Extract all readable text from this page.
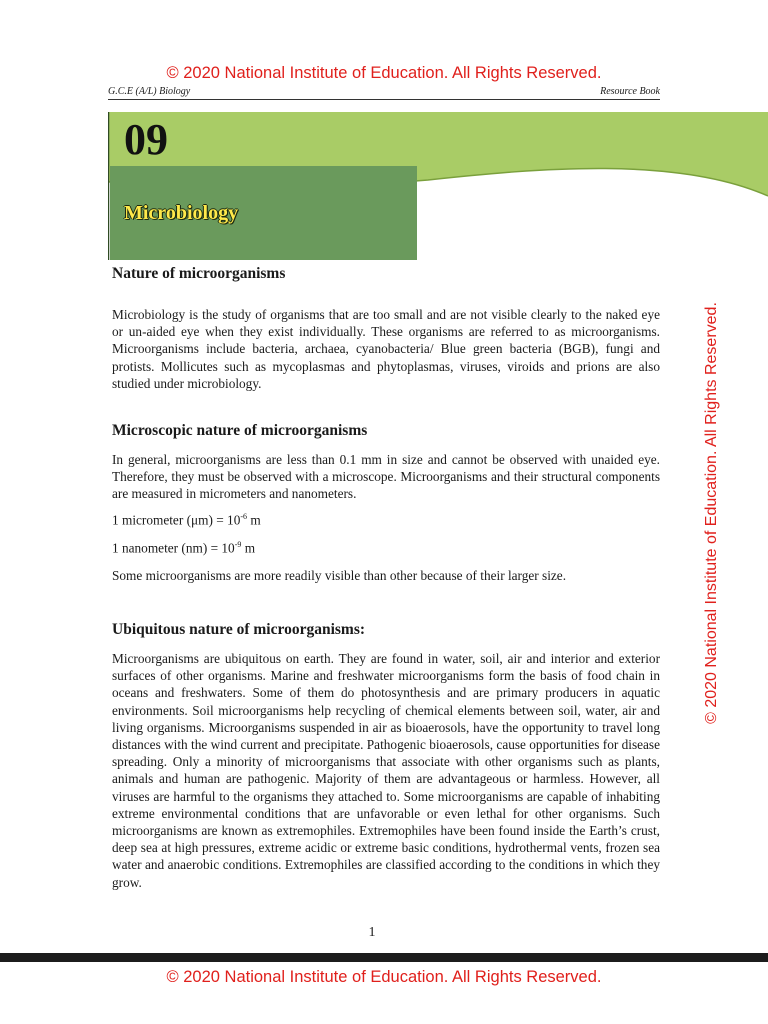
© 2020 National Institute of Education. All Rights Reserved.
G.C.E (A/L) Biology	Resource Book
09
Microbiology
© 2020 National Institute of Education. All Rights Reserved.
Nature of microorganisms

Microbiology is the study of organisms that are too small and are not visible clearly to the naked eye or un-aided eye when they exist individually. These organisms are referred to as microorganisms. Microorganisms include bacteria, archaea, cyanobacteria/ Blue green bacteria (BGB), fungi and protists. Mollicutes such as mycoplasmas and phytoplasmas, viruses, viroids and prions are also studied under microbiology.

Microscopic nature of microorganisms

In general, microorganisms are less than 0.1 mm in size and cannot be observed with unaided eye. Therefore, they must be observed with a microscope. Microorganisms and their structural components are measured in micrometers and nanometers.

1 micrometer $(\mu m) = 10^{-6}$ m

1 nanometer $(nm) = 10^{-9}$ m

Some microorganisms are more readily visible than other because of their larger size.

Ubiquitous nature of microorganisms:

Microorganisms are ubiquitous on earth. They are found in water, soil, air and interior and exterior surfaces of other organisms. Marine and freshwater microorganisms form the basis of food chain in oceans and freshwaters. Some of them do photosynthesis and are primary producers in aquatic environments. Soil microorganisms help recycling of chemical elements between soil, water, air and living organisms. Microorganisms suspended in air as bioaerosols, have the opportunity to travel long distances with the wind current and precipitate. Pathogenic bioaerosols, cause opportunities for disease spreading. Only a minority of microorganisms that associate with other organisms such as plants, animals and human are pathogenic. Majority of them are advantageous or harmless. However, all viruses are harmful to the organisms they attached to. Some microorganisms are capable of inhabiting extreme environmental conditions that are unfavorable or even lethal for other organisms. Such microorganisms are known as extremophiles. Extremophiles have been found inside the Earth’s crust, deep sea at high pressures, extreme acidic or extreme basic conditions, hydrothermal vents, frozen sea water and anaerobic conditions. Extremophiles are classified according to the conditions in which they grow.

1
© 2020 National Institute of Education. All Rights Reserved.
